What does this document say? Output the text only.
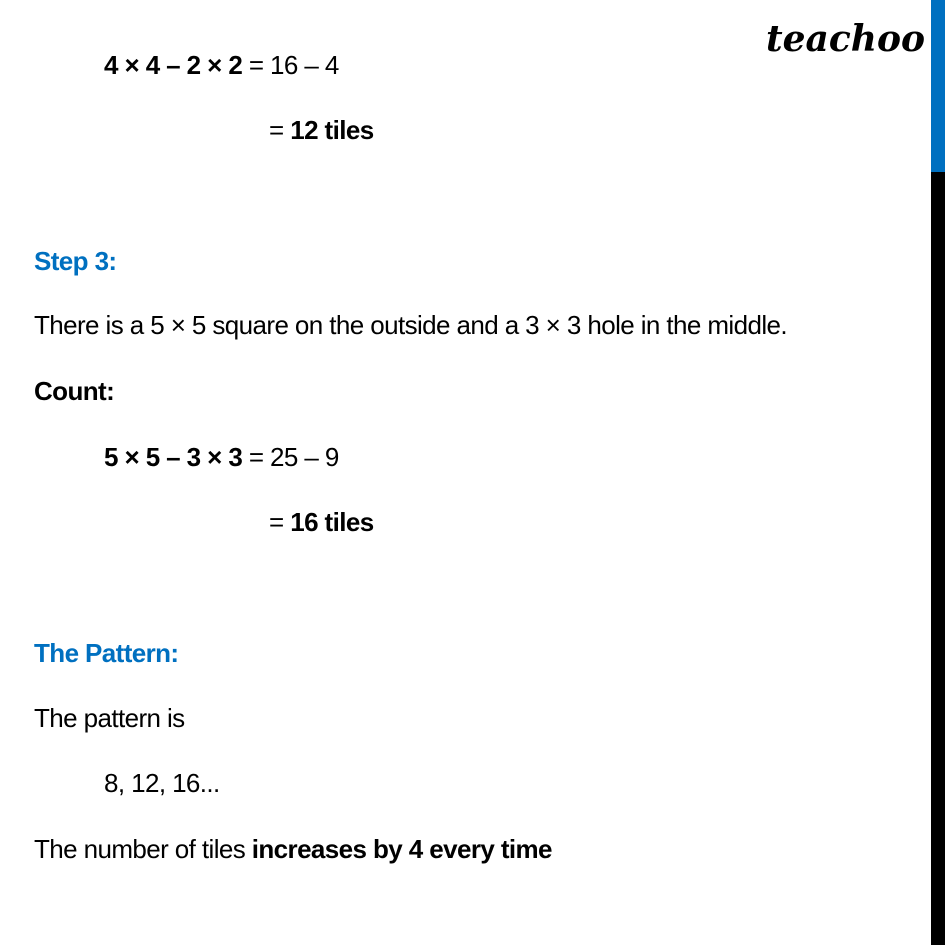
teachoo
4 × 4 – 2 × 2 = 16 – 4
= 12 tiles
Step 3:
There is a 5 × 5 square on the outside and a 3 × 3 hole in the middle.
Count:
5 × 5 – 3 × 3 = 25 – 9
= 16 tiles
The Pattern:
The pattern is
8, 12, 16...
The number of tiles increases by 4 every time
